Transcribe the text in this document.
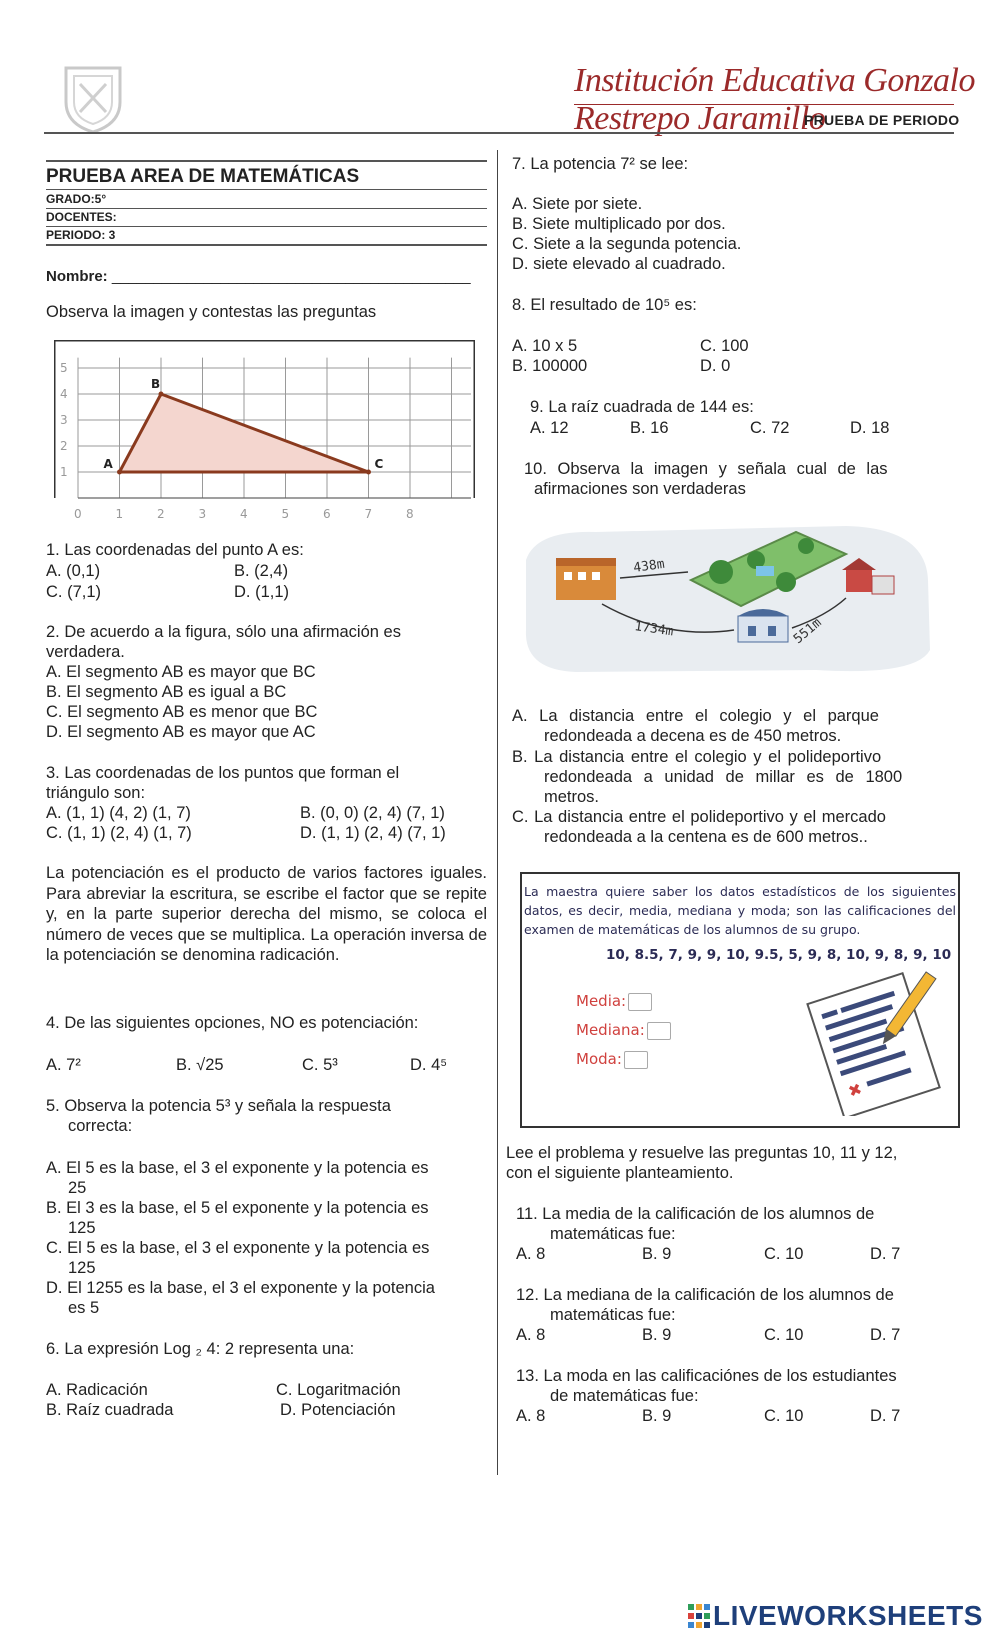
Institución Educativa Gonzalo Restrepo Jaramillo
PRUEBA DE PERIODO
PRUEBA AREA DE MATEMÁTICAS
GRADO:5°
DOCENTES:
PERIODO: 3
Nombre: ___________________________________________
Observa la imagen y contestas las preguntas
0	1	2	3	4	5	6	7	8
1
2
3
4
5
A
B
C
1. Las coordenadas del punto A es:
A. (0,1)	B. (2,4)
C. (7,1)	D. (1,1)
2. De acuerdo a la figura, sólo una afirmación es
verdadera.
A. El segmento AB es mayor que BC
B. El segmento AB es igual a BC
C. El segmento AB es menor que BC
D. El segmento AB es mayor que AC
3. Las coordenadas de los puntos que forman el
triángulo son:
A. (1, 1) (4, 2) (1, 7)	B. (0, 0) (2, 4) (7, 1)
C. (1, 1) (2, 4) (1, 7)	D. (1, 1) (2, 4) (7, 1)
La potenciación es el producto de varios factores iguales. Para abreviar la escritura, se escribe el factor que se repite y, en la parte superior derecha del mismo, se coloca el número de veces que se multiplica. La operación inversa de la potenciación se denomina radicación.
4. De las siguientes opciones, NO es potenciación:
A. 7²	B. √25	C. 5³	D. 4⁵
5. Observa la potencia 5³ y señala la respuesta
correcta:
A. El 5 es la base, el 3 el exponente y la potencia es
25
B. El 3 es la base, el 5 el exponente y la potencia es
125
C. El 5 es la base, el 3 el exponente y la potencia es
125
D. El 1255 es la base, el 3 el exponente y la potencia
es 5
6. La expresión Log ₂ 4: 2 representa una:
A. Radicación
B. Raíz cuadrada
C. Logaritmación
D. Potenciación
7. La potencia 7² se lee:
A. Siete por siete.
B. Siete multiplicado por dos.
C. Siete a la segunda potencia.
D. siete elevado al cuadrado.
8. El resultado de 10⁵ es:
A. 10 x 5
B. 100000
C. 100
D. 0
9. La raíz cuadrada de 144 es:
A. 12	B. 16	C. 72	D. 18
10. Observa la imagen y señala cual de las
afirmaciones son verdaderas
438m
1734m	551m
A. La distancia entre el colegio y el parque
redondeada a decena es de 450 metros.
B. La distancia entre el colegio y el polideportivo
redondeada a unidad de millar es de 1800
metros.
C. La distancia entre el polideportivo y el mercado
redondeada a la centena es de 600 metros..
La maestra quiere saber los datos estadísticos de los siguientes datos, es decir, media, mediana y moda; son las calificaciones del examen de matemáticas de los alumnos de su grupo.
10, 8.5, 7, 9, 9, 10, 9.5, 5, 9, 8, 10, 9, 8, 9, 10
Media:
Mediana:
Moda:
✖
Lee el problema y resuelve las preguntas 10, 11 y 12,
con el siguiente planteamiento.
11. La media de la calificación de los alumnos de
matemáticas fue:
A. 8	B. 9	C. 10	D. 7
12. La mediana de la calificación de los alumnos de
matemáticas fue:
A. 8	B. 9	C. 10	D. 7
13. La moda en las calificaciónes de los estudiantes
de matemáticas fue:
A. 8	B. 9	C. 10	D. 7
LIVEWORKSHEETS
